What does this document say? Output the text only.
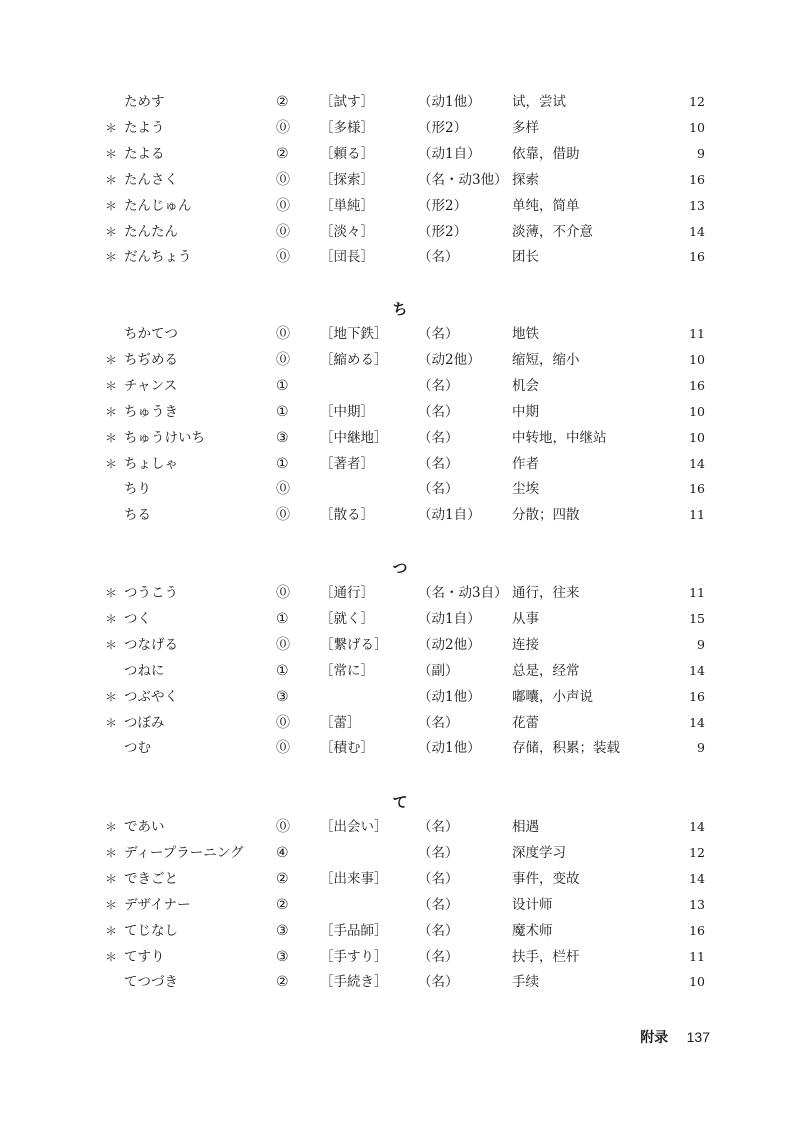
ためす	② ［試す］	（动1他） 试，尝试	12
＊ たよう	⓪ ［多様］	（形2）	多样	10
＊ たよる	② ［頼る］	（动1自） 依靠，借助	9
＊ たんさく	⓪ ［探索］	（名・动3他） 探索	16
＊ たんじゅん	⓪ ［単純］	（形2）	单纯，简单	13
＊ たんたん	⓪ ［淡々］	（形2）	淡薄，不介意	14
＊ だんちょう	⓪ ［団長］	（名）	团长	16
ち
ちかてつ	⓪ ［地下鉄］ （名）	地铁	11
＊ ちぢめる	⓪ ［縮める］ （动2他） 缩短，缩小	10
＊ チャンス	①	（名）	机会	16
＊ ちゅうき	① ［中期］	（名）	中期	10
＊ ちゅうけいち	③ ［中継地］ （名）	中转地，中继站	10
＊ ちょしゃ	① ［著者］	（名）	作者	14
ちり	⓪	（名）	尘埃	16
ちる	⓪ ［散る］	（动1自） 分散；四散	11
つ
＊ つうこう	⓪ ［通行］	（名・动3自） 通行，往来	11
＊ つく	① ［就く］	（动1自） 从事	15
＊ つなげる	⓪ ［繋げる］ （动2他） 连接	9
つねに	① ［常に］	（副）	总是，经常	14
＊ つぶやく	③	（动1他） 嘟囔，小声说	16
＊ つぼみ	⓪ ［蕾］	（名）	花蕾	14
つむ	⓪ ［積む］	（动1他） 存储，积累；装载	9
て
＊ であい	⓪ ［出会い］ （名）	相遇	14
＊ ディープラーニング ④	（名）	深度学习	12
＊ できごと	② ［出来事］ （名）	事件，变故	14
＊ デザイナー	②	（名）	设计师	13
＊ てじなし	③ ［手品師］ （名）	魔术师	16
＊ てすり	③ ［手すり］ （名）	扶手，栏杆	11
てつづき	② ［手続き］ （名）	手续	10
附录 137
